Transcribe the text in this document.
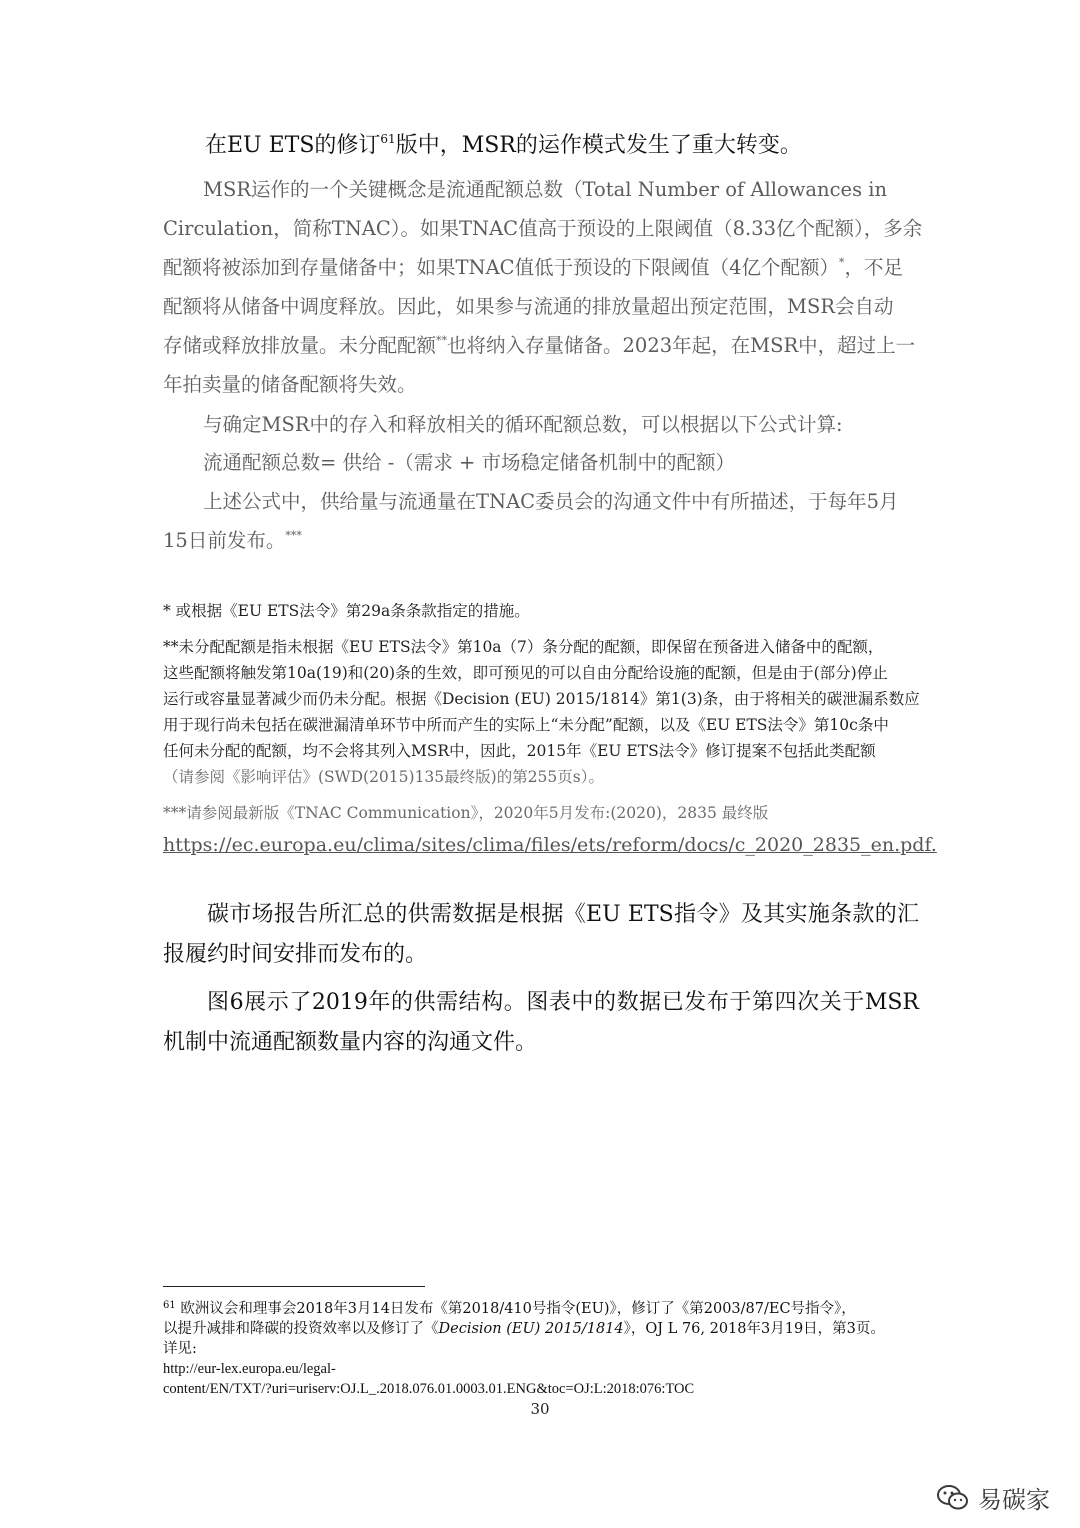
在EU ETS的修订$^{61}$版中，MSR的运作模式发生了重大转变。
MSR运作的一个关键概念是流通配额总数（Total Number of Allowances in
Circulation，简称TNAC）。如果TNAC值高于预设的上限阈值（8.33亿个配额），多余
配额将被添加到存量储备中；如果TNAC值低于预设的下限阈值（4亿个配额）*，不足
配额将从储备中调度释放。因此，如果参与流通的排放量超出预定范围，MSR会自动
存储或释放排放量。未分配配额**也将纳入存量储备。2023年起，在MSR中，超过上一
年拍卖量的储备配额将失效。
与确定MSR中的存入和释放相关的循环配额总数，可以根据以下公式计算:
流通配额总数= 供给 -（需求 + 市场稳定储备机制中的配额）
上述公式中，供给量与流通量在TNAC委员会的沟通文件中有所描述，于每年5月
15日前发布。***
* 或根据《EU ETS法令》第29a条条款指定的措施。
**未分配配额是指未根据《EU ETS法令》第10a（7）条分配的配额，即保留在预备进入储备中的配额，
这些配额将触发第10a(19)和(20)条的生效，即可预见的可以自由分配给设施的配额，但是由于(部分)停止
运行或容量显著减少而仍未分配。根据《Decision (EU) 2015/1814》第1(3)条，由于将相关的碳泄漏系数应
用于现行尚未包括在碳泄漏清单环节中所而产生的实际上“未分配”配额，以及《EU ETS法令》第10c条中
任何未分配的配额，均不会将其列入MSR中，因此，2015年《EU ETS法令》修订提案不包括此类配额
（请参阅《影响评估》(SWD(2015)135最终版)的第255页s）。
***请参阅最新版《TNAC Communication》，2020年5月发布:(2020)，2835 最终版
https://ec.europa.eu/clima/sites/clima/files/ets/reform/docs/c_2020_2835_en.pdf.
碳市场报告所汇总的供需数据是根据《EU ETS指令》及其实施条款的汇报履约时间安排而发布的。
图6展示了2019年的供需结构。图表中的数据已发布于第四次关于MSR机制中流通配额数量内容的沟通文件。
$^{61}$ 欧洲议会和理事会2018年3月14日发布《第2018/410号指令(EU)》，修订了《第2003/87/EC号指令》，
以提升减排和降碳的投资效率以及修订了《Decision (EU) 2015/1814》，OJ L 76, 2018年3月19日，第3页。
详见:
http://eur-lex.europa.eu/legal-
content/EN/TXT/?uri=uriserv:OJ.L_.2018.076.01.0003.01.ENG&toc=OJ:L:2018:076:TOC
30
易碳家
